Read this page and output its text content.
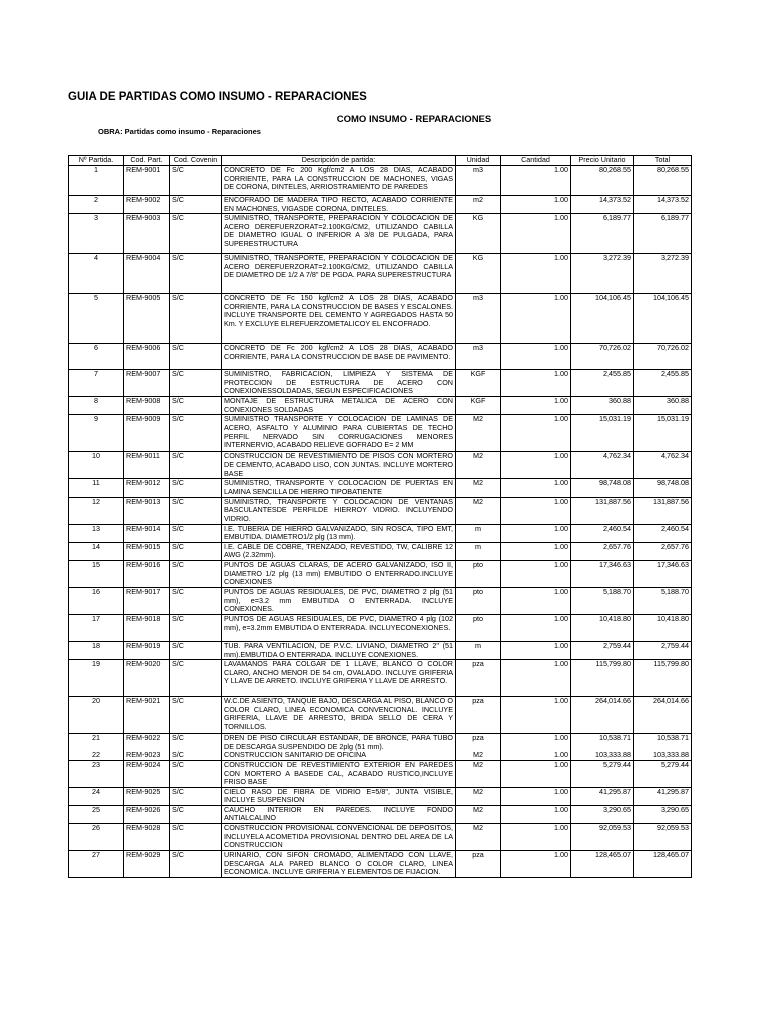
GUIA DE PARTIDAS COMO INSUMO - REPARACIONES
COMO INSUMO - REPARACIONES
OBRA: Partidas como insumo - Reparaciones
Nº Partida.	Cod. Part.	Cod. Covenin	Descripción de partida:	Unidad	Cantidad	Precio Unitario	Total
1	REM-9001	S/C	CONCRETO DE Fc 200 Kgf/cm2 A LOS 28 DIAS, ACABADO CORRIENTE, PARA LA CONSTRUCCION DE MACHONES, VIGAS DE CORONA, DINTELES, ARRIOSTRAMIENTO DE PAREDES	m3	1.00	80,268.55	80,268.55
2	REM-9002	S/C	ENCOFRADO DE MADERA TIPO RECTO, ACABADO CORRIENTE EN MACHONES, VIGASDE CORONA, DINTELES.	m2	1.00	14,373.52	14,373.52
3	REM-9003	S/C	SUMINISTRO, TRANSPORTE, PREPARACION Y COLOCACION DE ACERO DEREFUERZORAT=2.100KG/CM2, UTILIZANDO CABILLA DE DIAMETRO IGUAL O INFERIOR A 3/8 DE PULGADA, PARA SUPERESTRUCTURA	KG	1.00	6,189.77	6,189.77
4	REM-9004	S/C	SUMINISTRO, TRANSPORTE, PREPARACION Y COLOCACION DE ACERO DEREFUERZORAT=2.100KG/CM2, UTILIZANDO CABILLA DE DIAMETRO DE 1/2 A 7/8" DE PGDA. PARA SUPERESTRUCTURA	KG	1.00	3,272.39	3,272.39
5	REM-9005	S/C	CONCRETO DE Fc 150 kgf/cm2 A LOS 28 DIAS, ACABADO CORRIENTE, PARA LA CONSTRUCCION DE BASES Y ESCALONES. INCLUYE TRANSPORTE DEL CEMENTO Y AGREGADOS HASTA 50 Km. Y EXCLUYE ELREFUERZOMETALICOY EL ENCOFRADO.	m3	1.00	104,106.45	104,106.45
6	REM-9006	S/C	CONCRETO DE Fc 200 kgf/cm2 A LOS 28 DIAS, ACABADO CORRIENTE, PARA LA CONSTRUCCION DE BASE DE PAVIMENTO.	m3	1.00	70,726.02	70,726.02
7	REM-9007	S/C	SUMINISTRO, FABRICACION, LIMPIEZA Y SISTEMA DE PROTECCION DE ESTRUCTURA DE ACERO CON CONEXIONESSOLDADAS, SEGUN ESPECIFICACIONES	KGF	1.00	2,455.85	2,455.85
8	REM-9008	S/C	MONTAJE DE ESTRUCTURA METALICA DE ACERO CON CONEXIONES SOLDADAS	KGF	1.00	360.88	360.88
9	REM-9009	S/C	SUMINISTRO TRANSPORTE Y COLOCACION DE LAMINAS DE ACERO, ASFALTO Y ALUMINIO PARA CUBIERTAS DE TECHO PERFIL NERVADO SIN CORRUGACIONES MENORES INTERNERVIO, ACABADO RELIEVE GOFRADO E= 2 MM	M2	1.00	15,031.19	15,031.19
10	REM-9011	S/C	CONSTRUCCION DE REVESTIMIENTO DE PISOS CON MORTERO DE CEMENTO, ACABADO LISO, CON JUNTAS. INCLUYE MORTERO BASE	M2	1.00	4,762.34	4,762.34
11	REM-9012	S/C	SUMINISTRO, TRANSPORTE Y COLOCACION DE PUERTAS EN LAMINA SENCILLA DE HIERRO TIPOBATIENTE	M2	1.00	98,748.08	98,748.08
12	REM-9013	S/C	SUMINISTRO, TRANSPORTE Y COLOCACION DE VENTANAS BASCULANTESDE PERFILDE HIERROY VIDRIO. INCLUYENDO VIDRIO.	M2	1.00	131,887.56	131,887.56
13	REM-9014	S/C	I.E. TUBERIA DE HIERRO GALVANIZADO, SIN ROSCA, TIPO EMT, EMBUTIDA. DIAMETRO1/2 plg (13 mm).	m	1.00	2,460.54	2,460.54
14	REM-9015	S/C	I.E. CABLE DE COBRE, TRENZADO, REVESTIDO, TW, CALIBRE 12 AWG (2.32mm).	m	1.00	2,657.76	2,657.76
15	REM-9016	S/C	PUNTOS DE AGUAS CLARAS, DE ACERO GALVANIZADO, ISO II, DIAMETRO 1/2 plg (13 mm) EMBUTIDO O ENTERRADO.INCLUYE CONEXIONES	pto	1.00	17,346.63	17,346.63
16	REM-9017	S/C	PUNTOS DE AGUAS RESIDUALES, DE PVC, DIAMETRO 2 plg (51 mm), e=3.2 mm EMBUTIDA O ENTERRADA. INCLUYE CONEXIONES.	pto	1.00	5,188.70	5,188.70
17	REM-9018	S/C	PUNTOS DE AGUAS RESIDUALES, DE PVC, DIAMETRO 4 plg (102 mm), e=3.2mm EMBUTIDA O ENTERRADA. INCLUYECONEXIONES.	pto	1.00	10,418.80	10,418.80
18	REM-9019	S/C	TUB. PARA VENTILACION, DE P.V.C. LIVIANO, DIAMETRO 2" (51 mm).EMBUTIDA O ENTERRADA. INCLUYE CONEXIONES.	m	1.00	2,759.44	2,759.44
19	REM-9020	S/C	LAVAMANOS PARA COLGAR DE 1 LLAVE, BLANCO O COLOR CLARO, ANCHO MENOR DE 54 cm, OVALADO. INCLUYE GRIFERIA Y LLAVE DE ARRETO. INCLUYE GRIFERIA Y LLAVE DE ARRESTO.	pza	1.00	115,799.80	115,799.80
20	REM-9021	S/C	W.C.DE ASIENTO, TANQUE BAJO, DESCARGA AL PISO, BLANCO O COLOR CLARO, LINEA ECONOMICA CONVENCIONAL. INCLUYE GRIFERIA, LLAVE DE ARRESTO, BRIDA SELLO DE CERA Y TORNILLOS.	pza	1.00	264,014.66	264,014.66
21	REM-9022	S/C	DREN DE PISO CIRCULAR ESTANDAR, DE BRONCE, PARA TUBO DE DESCARGA SUSPENDIDO DE 2plg (51 mm).	pza	1.00	10,538.71	10,538.71
22	REM-9023	S/C	CONSTRUCCION SANITARIO DE OFICINA	M2	1.00	103,333.88	103,333.88
23	REM-9024	S/C	CONSTRUCCION DE REVESTIMIENTO EXTERIOR EN PAREDES CON MORTERO A BASEDE CAL, ACABADO RUSTICO,INCLUYE FRISO BASE	M2	1.00	5,279.44	5,279.44
24	REM-9025	S/C	CIELO RASO DE FIBRA DE VIDRIO E=5/8", JUNTA VISIBLE, INCLUYE SUSPENSION	M2	1.00	41,295.87	41,295.87
25	REM-9026	S/C	CAUCHO INTERIOR EN PAREDES. INCLUYE FONDO ANTIALCALINO	M2	1.00	3,290.65	3,290.65
26	REM-9028	S/C	CONSTRUCCION PROVISIONAL CONVENCIONAL DE DEPOSITOS, INCLUYELA ACOMETIDA PROVISIONAL DENTRO DEL AREA DE LA CONSTRUCCION	M2	1.00	92,059.53	92,059.53
27	REM-9029	S/C	URINARIO, CON SIFON CROMADO, ALIMENTADO CON LLAVE, DESCARGA ALA PARED BLANCO O COLOR CLARO, LINEA ECONOMICA. INCLUYE GRIFERIA Y ELEMENTOS DE FIJACION.	pza	1.00	128,465.07	128,465.07
